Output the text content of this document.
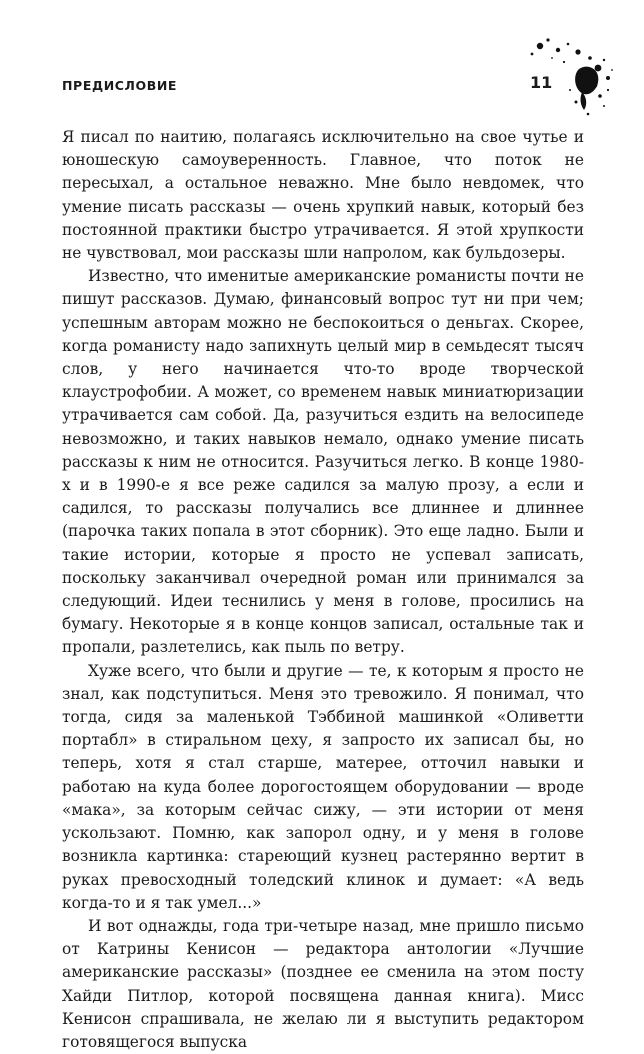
ПРЕДИСЛОВИЕ	11

Я писал по наитию, полагаясь исключительно на свое чутье и юношескую самоуверенность. Главное, что поток не пересыхал, а остальное неважно. Мне было невдомек, что умение писать рассказы — очень хрупкий навык, который без постоянной практики быстро утрачивается. Я этой хрупкости не чувствовал, мои рассказы шли напролом, как бульдозеры.

Известно, что именитые американские романисты почти не пишут рассказов. Думаю, финансовый вопрос тут ни при чем; успешным авторам можно не беспокоиться о деньгах. Скорее, когда романисту надо запихнуть целый мир в семьдесят тысяч слов, у него начинается что-то вроде творческой клаустрофобии. А может, со временем навык миниатюризации утрачивается сам собой. Да, разучиться ездить на велосипеде невозможно, и таких навыков немало, однако умение писать рассказы к ним не относится. Разучиться легко. В конце 1980-х и в 1990-е я все реже садился за малую прозу, а если и садился, то рассказы получались все длиннее и длиннее (парочка таких попала в этот сборник). Это еще ладно. Были и такие истории, которые я просто не успевал записать, поскольку заканчивал очередной роман или принимался за следующий. Идеи теснились у меня в голове, просились на бумагу. Некоторые я в конце концов записал, остальные так и пропали, разлетелись, как пыль по ветру.

Хуже всего, что были и другие — те, к которым я просто не знал, как подступиться. Меня это тревожило. Я понимал, что тогда, сидя за маленькой Тэббиной машинкой «Оливетти портабл» в стиральном цеху, я запросто их записал бы, но теперь, хотя я стал старше, матерее, отточил навыки и работаю на куда более дорогостоящем оборудовании — вроде «мака», за которым сейчас сижу, — эти истории от меня ускользают. Помню, как запорол одну, и у меня в голове возникла картинка: стареющий кузнец растерянно вертит в руках превосходный толедский клинок и думает: «А ведь когда-то и я так умел...»

И вот однажды, года три-четыре назад, мне пришло письмо от Катрины Кенисон — редактора антологии «Лучшие американские рассказы» (позднее ее сменила на этом посту Хайди Питлор, которой посвящена данная книга). Мисс Кенисон спрашивала, не желаю ли я выступить редактором готовящегося выпуска
